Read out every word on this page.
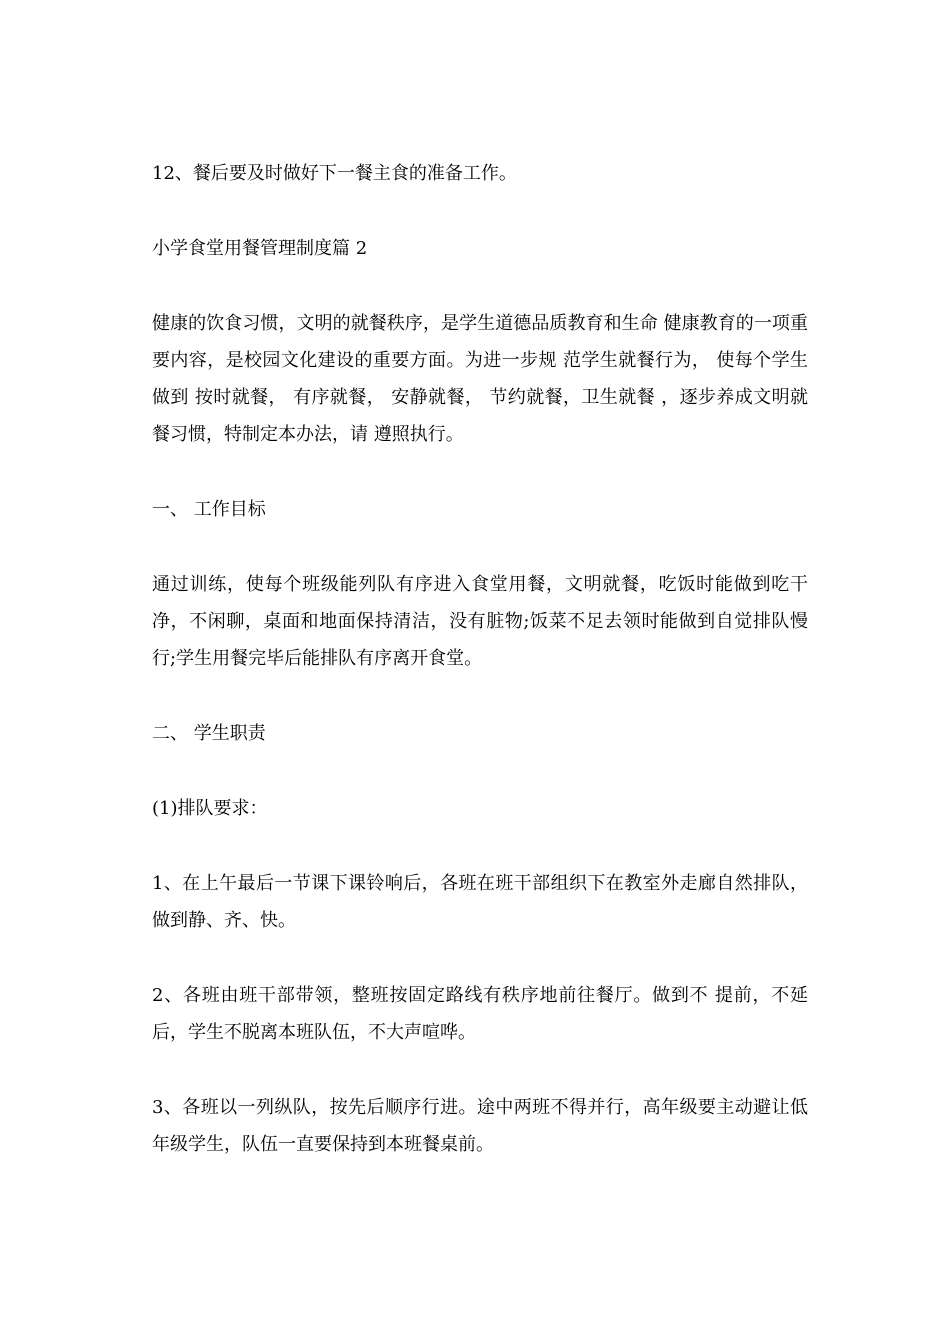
12、餐后要及时做好下一餐主食的准备工作。

小学食堂用餐管理制度篇 2

健康的饮食习惯，文明的就餐秩序，是学生道德品质教育和生命 健康教育的一项重要内容，是校园文化建设的重要方面。为进一步规 范学生就餐行为， 使每个学生做到 按时就餐， 有序就餐， 安静就餐， 节约就餐，卫生就餐 ，逐步养成文明就餐习惯，特制定本办法，请 遵照执行。

一、 工作目标

通过训练，使每个班级能列队有序进入食堂用餐，文明就餐，吃饭时能做到吃干净，不闲聊，桌面和地面保持清洁，没有脏物;饭菜不足去领时能做到自觉排队慢行;学生用餐完毕后能排队有序离开食堂。

二、 学生职责

(1)排队要求：

1、在上午最后一节课下课铃响后，各班在班干部组织下在教室外走廊自然排队，做到静、齐、快。

2、各班由班干部带领，整班按固定路线有秩序地前往餐厅。做到不 提前，不延后，学生不脱离本班队伍，不大声喧哗。

3、各班以一列纵队，按先后顺序行进。途中两班不得并行，高年级要主动避让低年级学生，队伍一直要保持到本班餐桌前。
